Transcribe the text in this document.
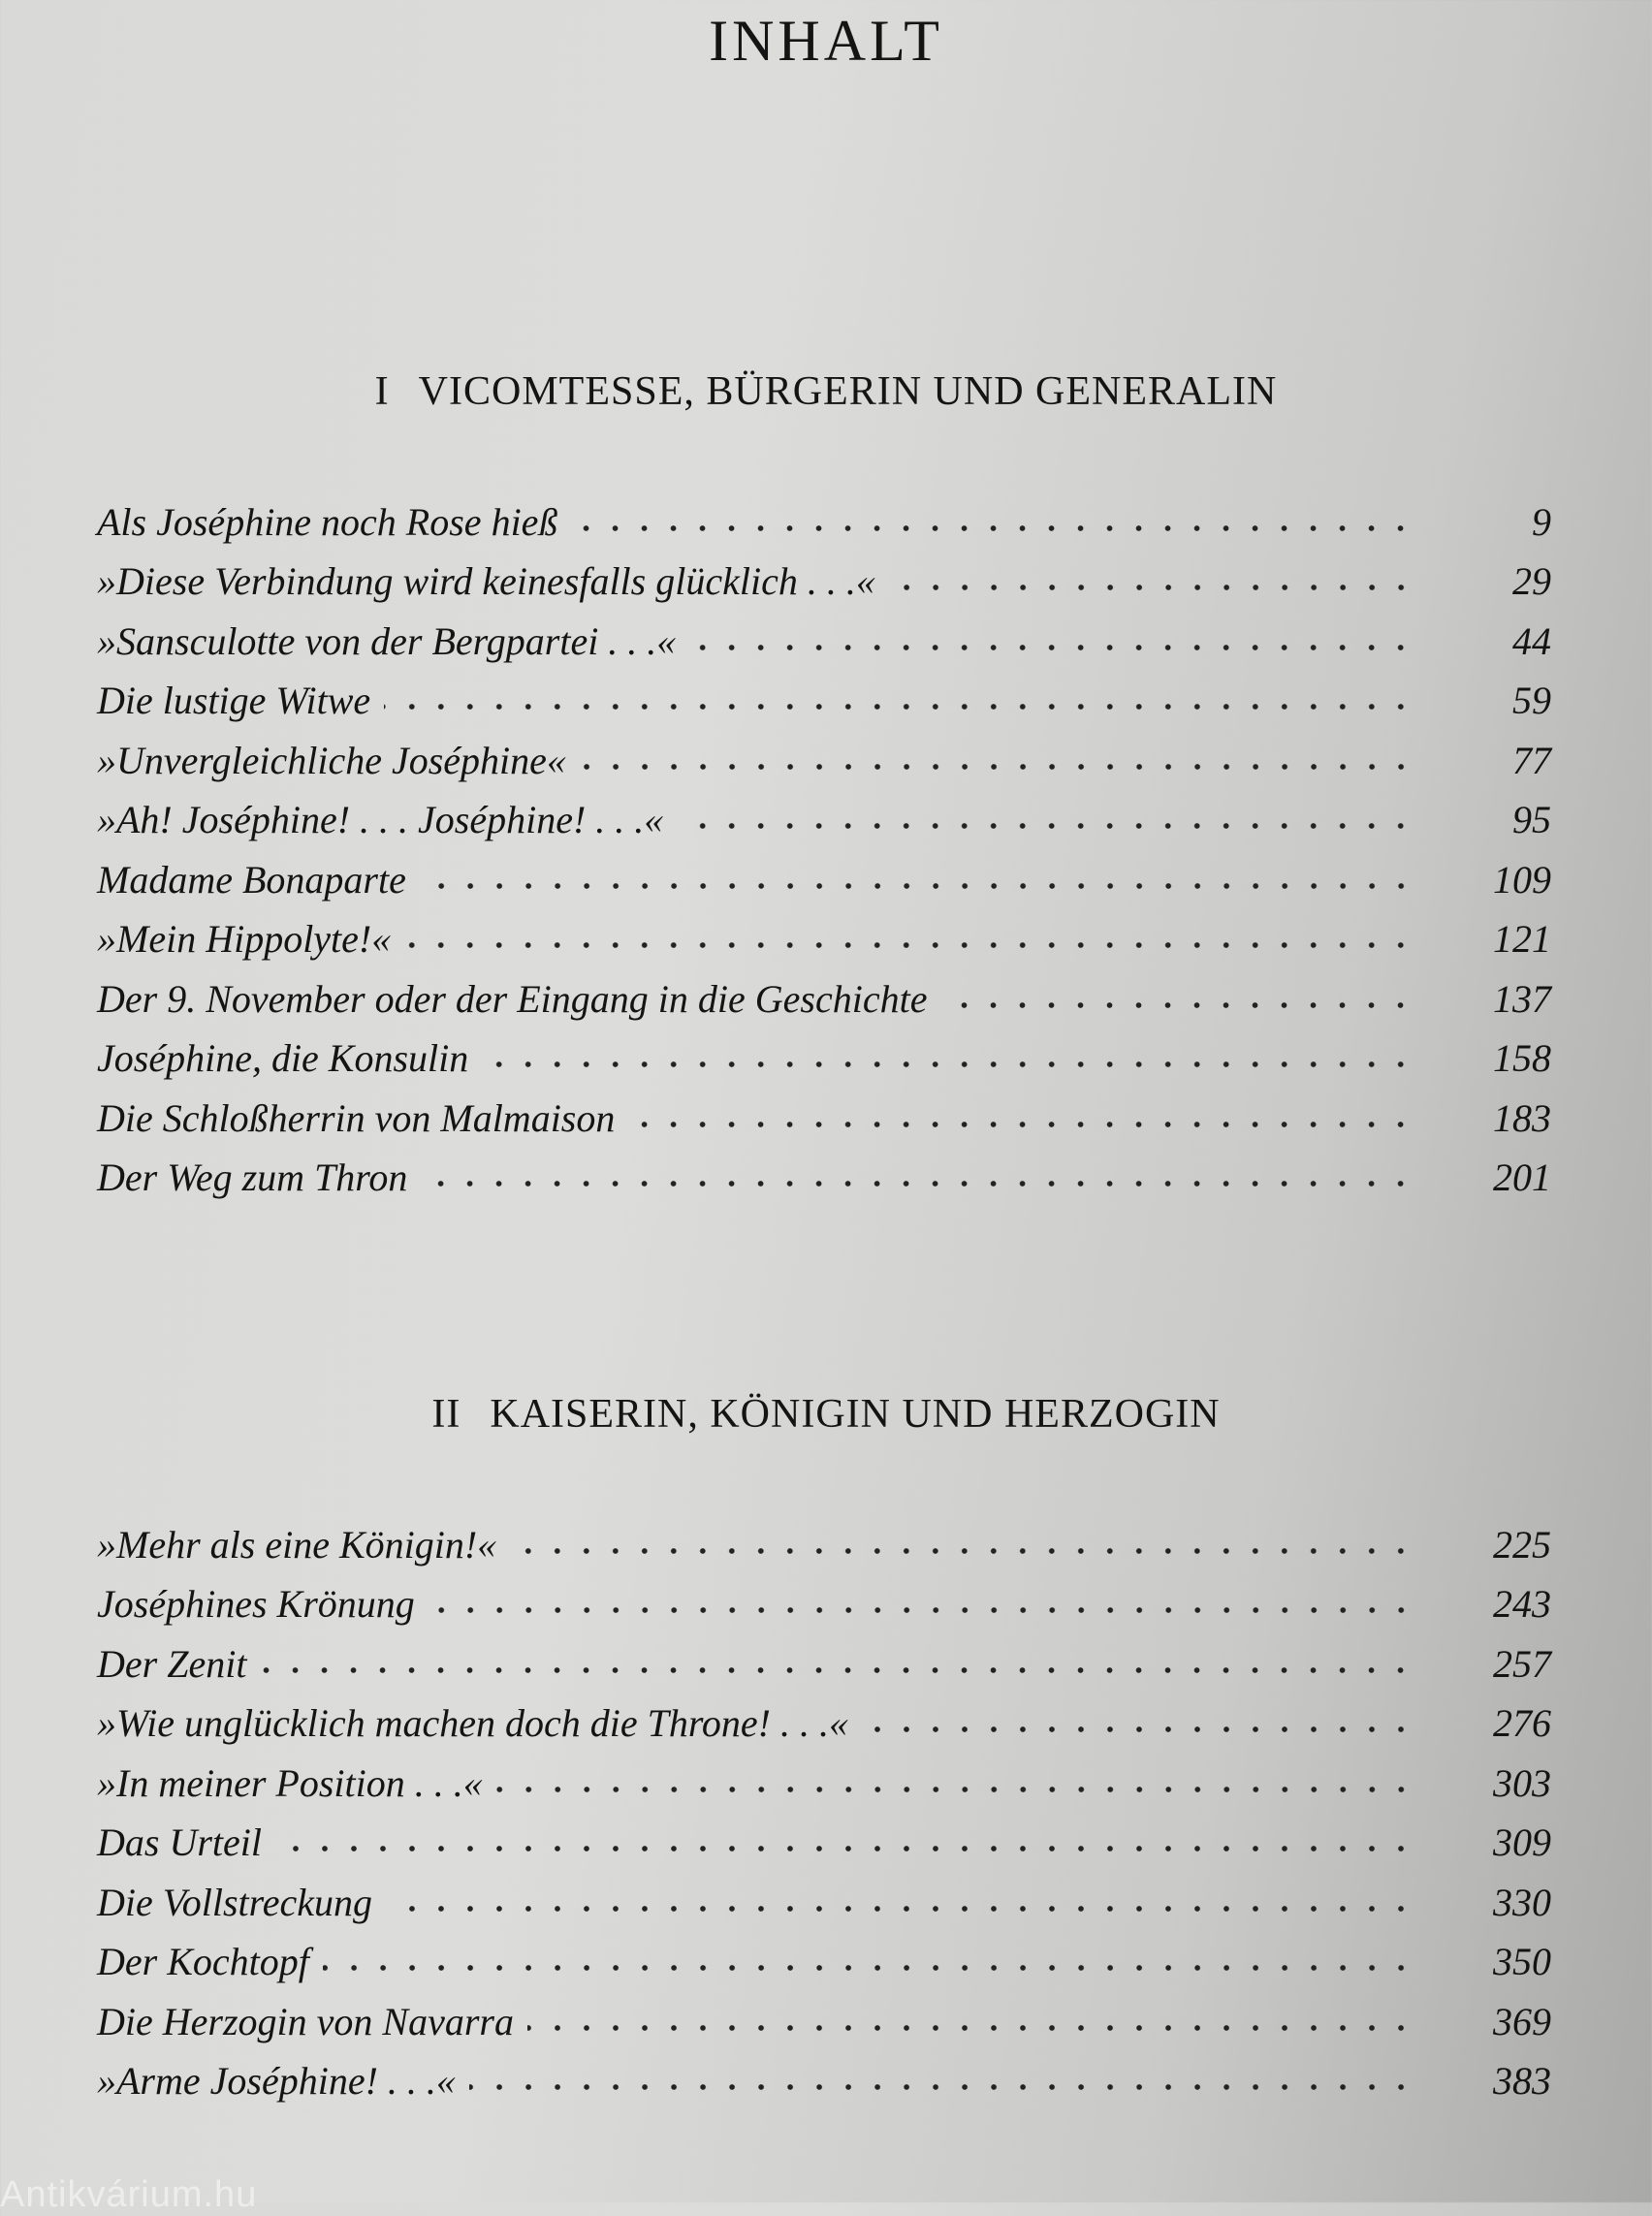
INHALT
I VICOMTESSE, BÜRGERIN UND GENERALIN
Als Joséphine noch Rose hieß	9
»Diese Verbindung wird keinesfalls glücklich . . .«	29
»Sansculotte von der Bergpartei . . .«	44
Die lustige Witwe	59
»Unvergleichliche Joséphine«	77
»Ah! Joséphine! . . . Joséphine! . . .«	95
Madame Bonaparte	109
»Mein Hippolyte!«	121
Der 9. November oder der Eingang in die Geschichte	137
Joséphine, die Konsulin	158
Die Schloßherrin von Malmaison	183
Der Weg zum Thron	201
II KAISERIN, KÖNIGIN UND HERZOGIN
»Mehr als eine Königin!«	225
Joséphines Krönung	243
Der Zenit	257
»Wie unglücklich machen doch die Throne! . . .«	276
»In meiner Position . . .«	303
Das Urteil	309
Die Vollstreckung	330
Der Kochtopf	350
Die Herzogin von Navarra	369
»Arme Joséphine! . . .«	383
Antikvárium.hu
